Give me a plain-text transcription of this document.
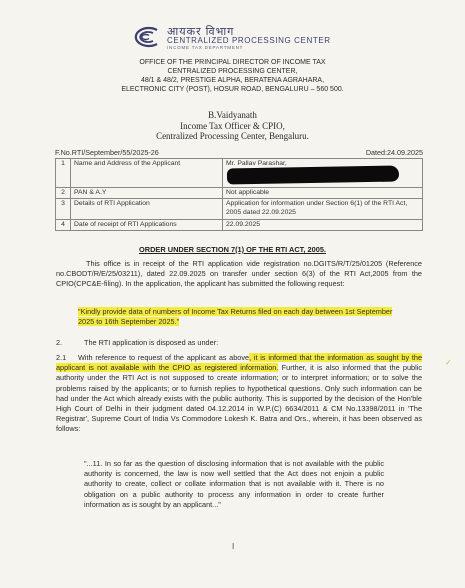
आयकर विभाग
CENTRALIZED PROCESSING CENTER
INCOME TAX DEPARTMENT
OFFICE OF THE PRINCIPAL DIRECTOR OF INCOME TAX
CENTRALIZED PROCESSING CENTER,
48/1 & 48/2, PRESTIGE ALPHA, BERATENA AGRAHARA,
ELECTRONIC CITY (POST), HOSUR ROAD, BENGALURU – 560 500.
B.Vaidyanath
Income Tax Officer & CPIO,
Centralized Processing Center, Bengaluru.
F.No.RTI/September/55/2025-26	Dated:24.09.2025
1	Name and Address of the Applicant	Mr. Pallav Parashar,

2	PAN & A.Y	Not applicable
3	Details of RTI Application	Application for information under Section 6(1) of the RTI Act, 2005 dated 22.09.2025
4	Date of receipt of RTI Applications	22.09.2025
ORDER UNDER SECTION 7(1) OF THE RTI ACT, 2005.
This office is in receipt of the RTI application vide registration no.DGITS/R/T/25/01205 (Reference no.CBODT/R/E/25/03211), dated 22.09.2025 on transfer under section 6(3) of the RTI Act,2005 from the CPIO(CPC&E-filing). In the application, the applicant has submitted the following request:
"Kindly provide data of numbers of Income Tax Returns filed on each day between 1st September 2025 to 16th September 2025."
2.	The RTI application is disposed as under:
2.1 With reference to request of the applicant as above, it is informed that the information as sought by the applicant is not available with the CPIO as registered information. Further, it is also informed that the public authority under the RTI Act is not supposed to create information; or to interpret information; or to solve the problems raised by the applicants; or to furnish replies to hypothetical questions. Only such information can be had under the Act which already exists with the public authority. This is supported by the decision of the Hon'ble High Court of Delhi in their judgment dated 04.12.2014 in W.P.(C) 6634/2011 & CM No.13398/2011 in 'The Registrar', Supreme Court of India Vs Commodore Lokesh K. Batra and Ors., wherein, it has been observed as follows:
✓
"...11. In so far as the question of disclosing information that is not available with the public authority is concerned, the law is now well settled that the Act does not enjoin a public authority to create, collect or collate information that is not available with it. There is no obligation on a public authority to process any information in order to create further information as is sought by an applicant..."
I
